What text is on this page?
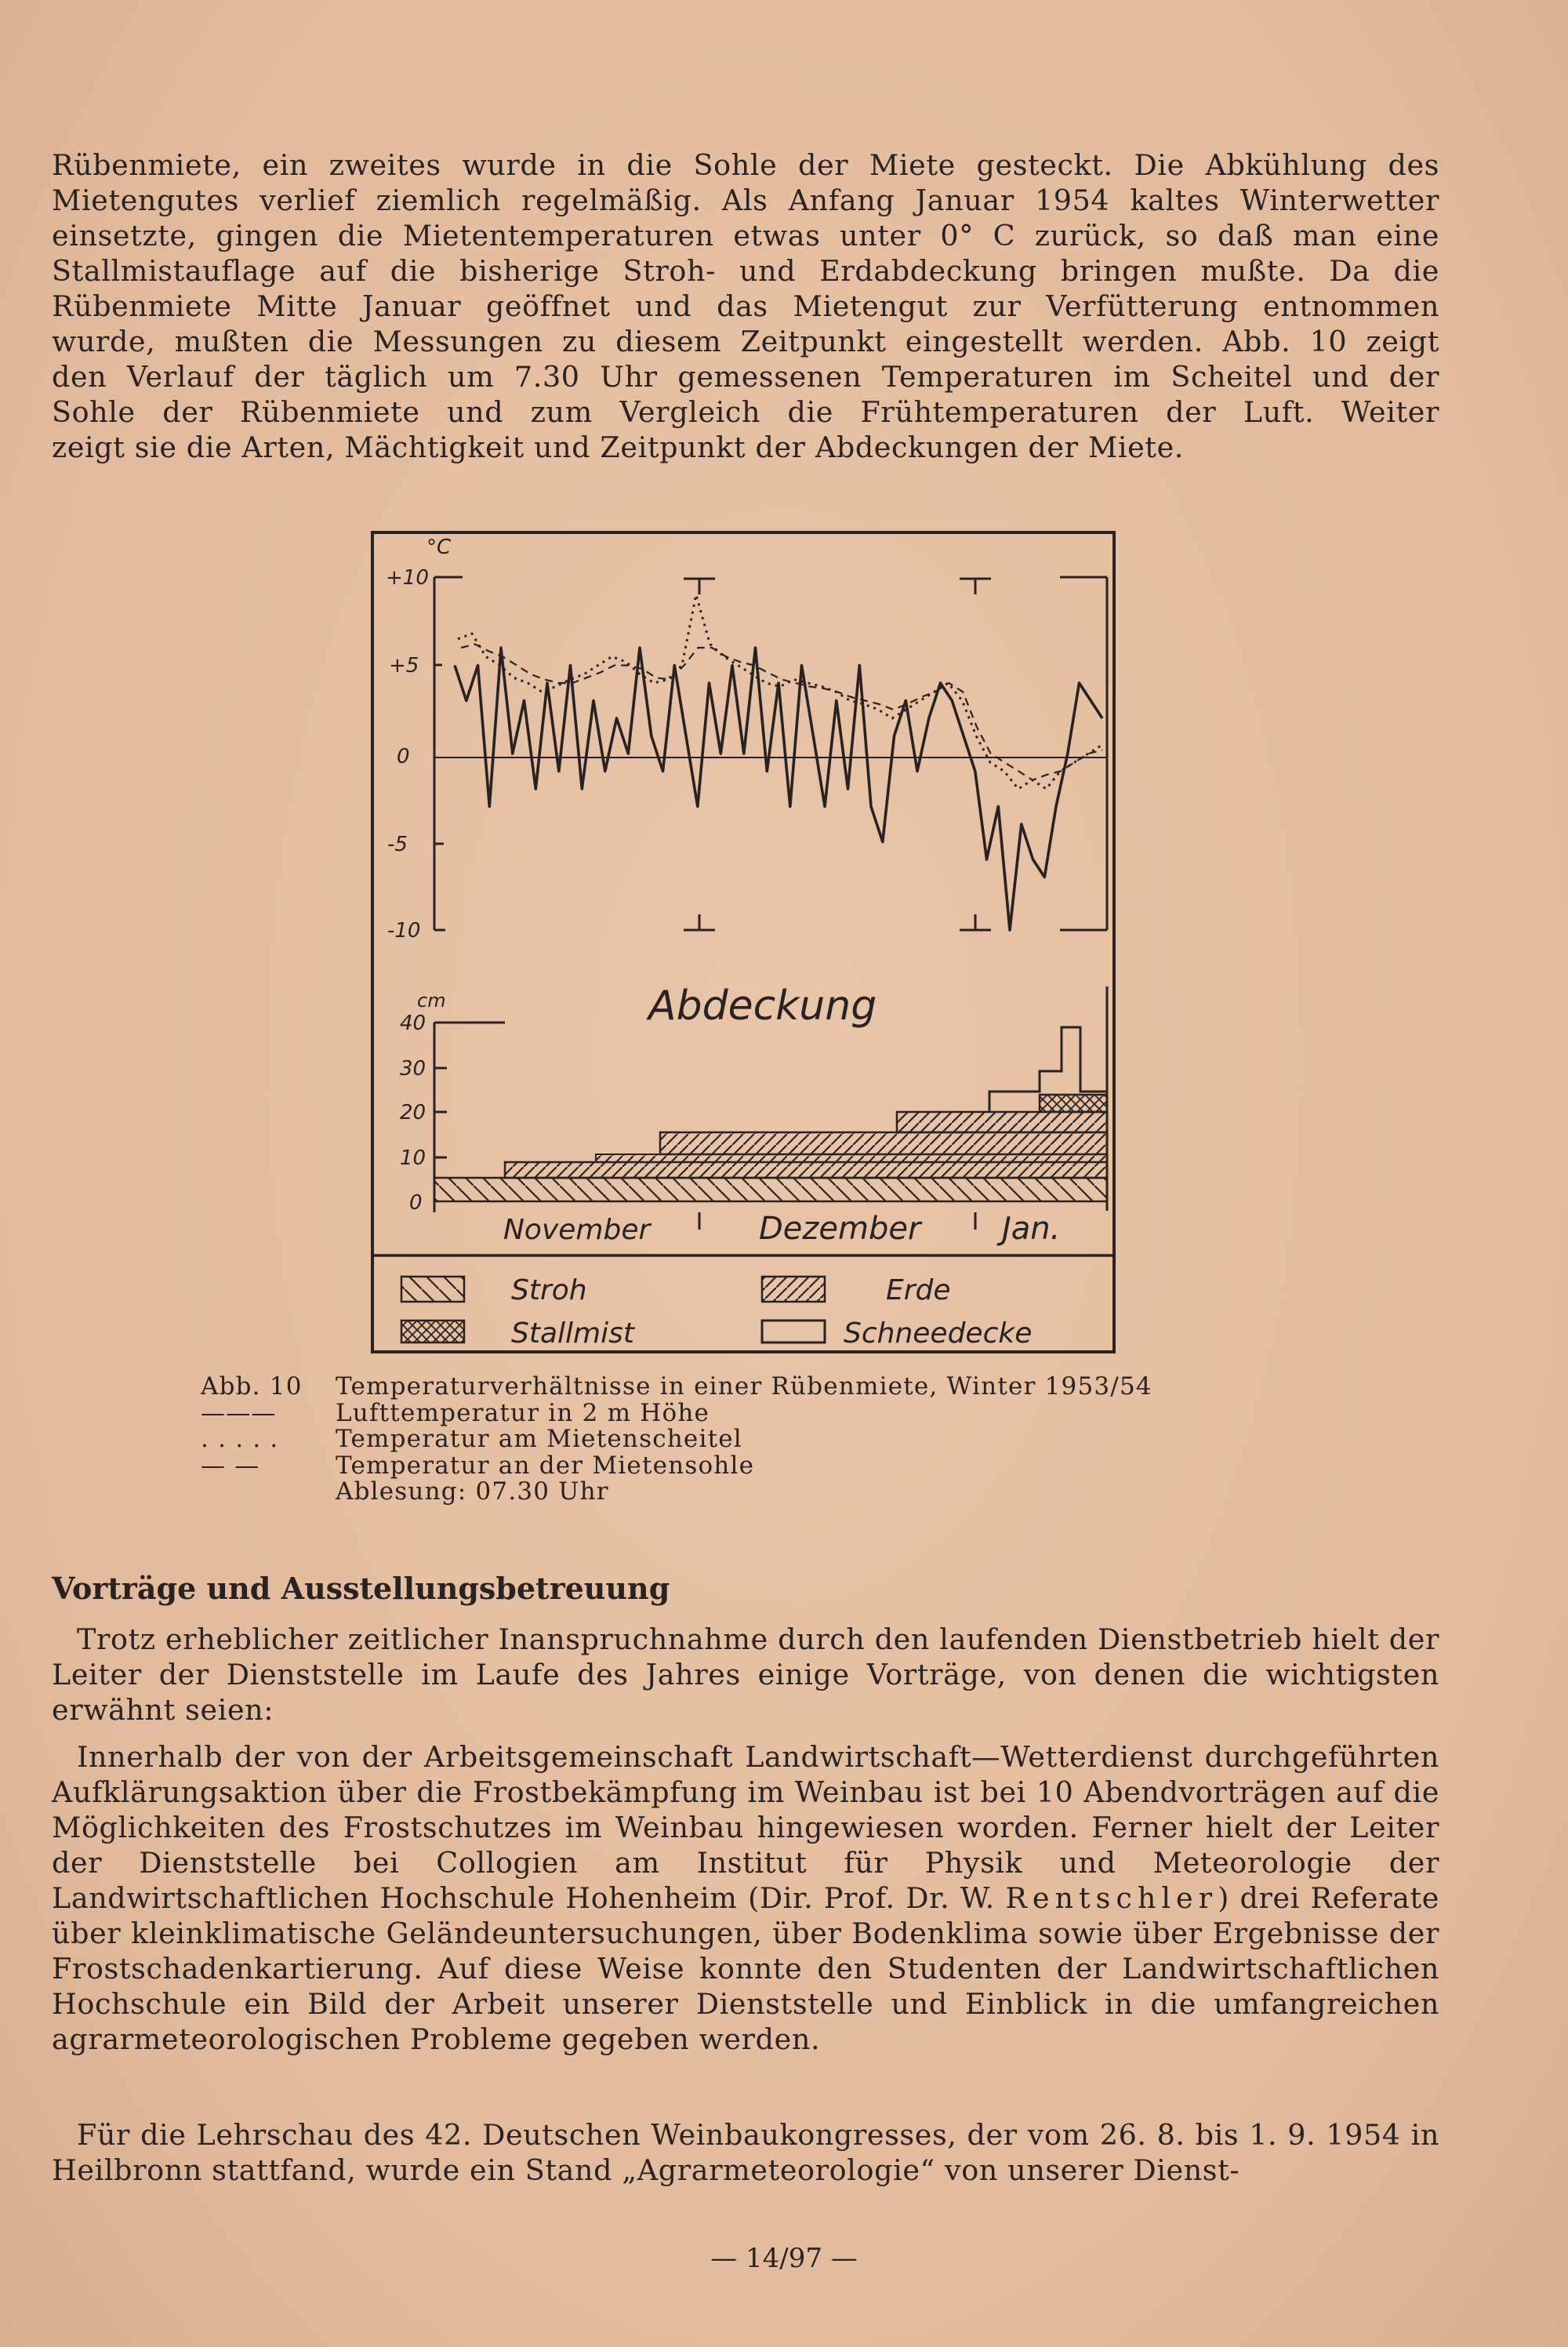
Rübenmiete, ein zweites wurde in die Sohle der Miete gesteckt. Die Abkühlung des
Mietengutes verlief ziemlich regelmäßig. Als Anfang Januar 1954 kaltes Winterwetter
einsetzte, gingen die Mietentemperaturen etwas unter 0° C zurück, so daß man eine
Stallmistauflage auf die bisherige Stroh- und Erdabdeckung bringen mußte. Da die
Rübenmiete Mitte Januar geöffnet und das Mietengut zur Verfütterung entnommen
wurde, mußten die Messungen zu diesem Zeitpunkt eingestellt werden. Abb. 10 zeigt
den Verlauf der täglich um 7.30 Uhr gemessenen Temperaturen im Scheitel und der
Sohle der Rübenmiete und zum Vergleich die Frühtemperaturen der Luft. Weiter
zeigt sie die Arten, Mächtigkeit und Zeitpunkt der Abdeckungen der Miete.
°C
+10
+5
0
-5
-10
cm	Abdeckung
40
30
20
10
0
November	Dezember	Jan.
Stroh	Erde
Stallmist	Schneedecke
Abb. 10	Temperaturverhältnisse in einer Rübenmiete, Winter 1953/54
———	Lufttemperatur in 2 m Höhe
. . . . .	Temperatur am Mietenscheitel
— —	Temperatur an der Mietensohle
Ablesung: 07.30 Uhr
Vorträge und Ausstellungsbetreuung

Trotz erheblicher zeitlicher Inanspruchnahme durch den laufenden Dienstbetrieb hielt der Leiter der Dienststelle im Laufe des Jahres einige Vorträge, von denen die wichtigsten erwähnt seien:

Innerhalb der von der Arbeitsgemeinschaft Landwirtschaft—Wetterdienst durchgeführten Aufklärungsaktion über die Frostbekämpfung im Weinbau ist bei 10 Abendvorträgen auf die Möglichkeiten des Frostschutzes im Weinbau hingewiesen worden. Ferner hielt der Leiter der Dienststelle bei Collogien am Institut für Physik und Meteorologie der Landwirtschaftlichen Hochschule Hohenheim (Dir. Prof. Dr. W. Rentschler) drei Referate über kleinklimatische Geländeuntersuchungen, über Bodenklima sowie über Ergebnisse der Frostschadenkartierung. Auf diese Weise konnte den Studenten der Landwirtschaftlichen Hochschule ein Bild der Arbeit unserer Dienststelle und Einblick in die umfangreichen agrarmeteorologischen Probleme gegeben werden.

Für die Lehrschau des 42. Deutschen Weinbaukongresses, der vom 26. 8. bis 1. 9. 1954 in Heilbronn stattfand, wurde ein Stand „Agrarmeteorologie“ von unserer Dienst-

— 14/97 —
